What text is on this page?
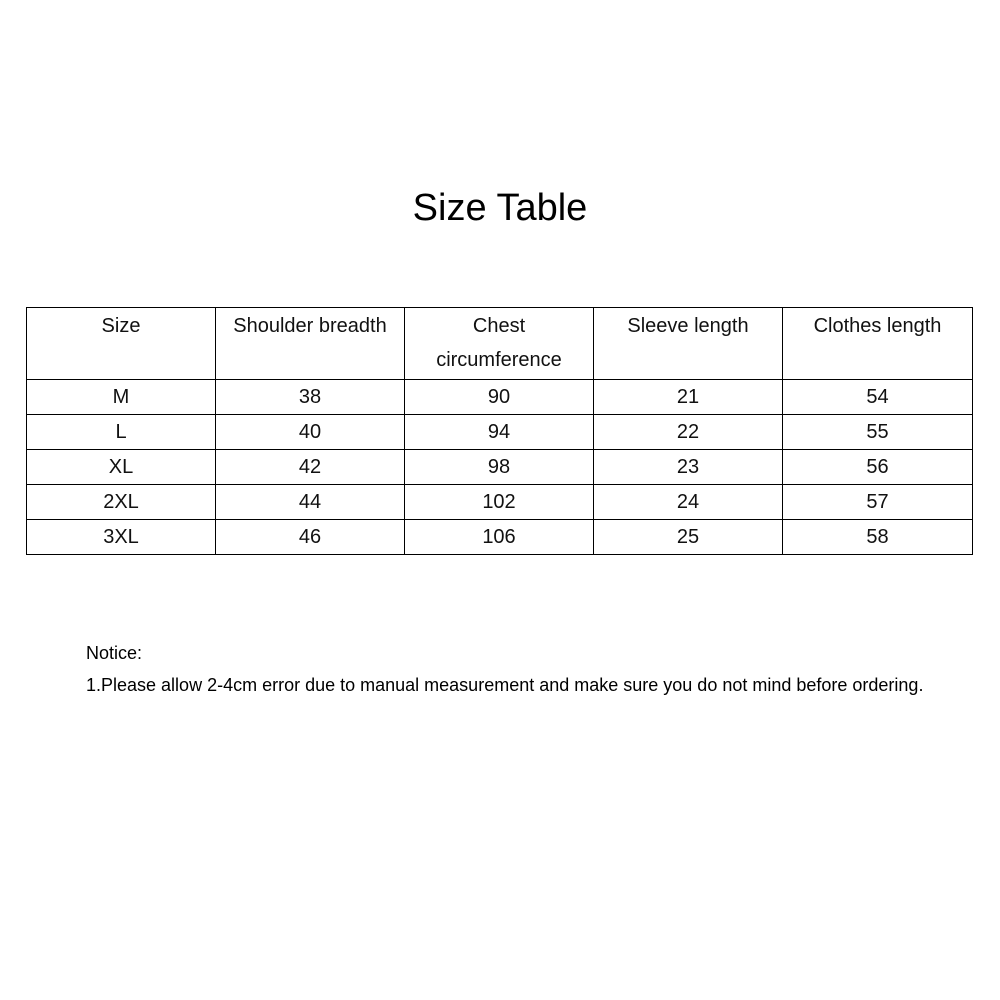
Size Table
Size	Shoulder breadth	Chest circumference	Sleeve length	Clothes length
M	38	90	21	54
L	40	94	22	55
XL	42	98	23	56
2XL	44	102	24	57
3XL	46	106	25	58
Notice:
1.Please allow 2-4cm error due to manual measurement and make sure you do not mind before ordering.
